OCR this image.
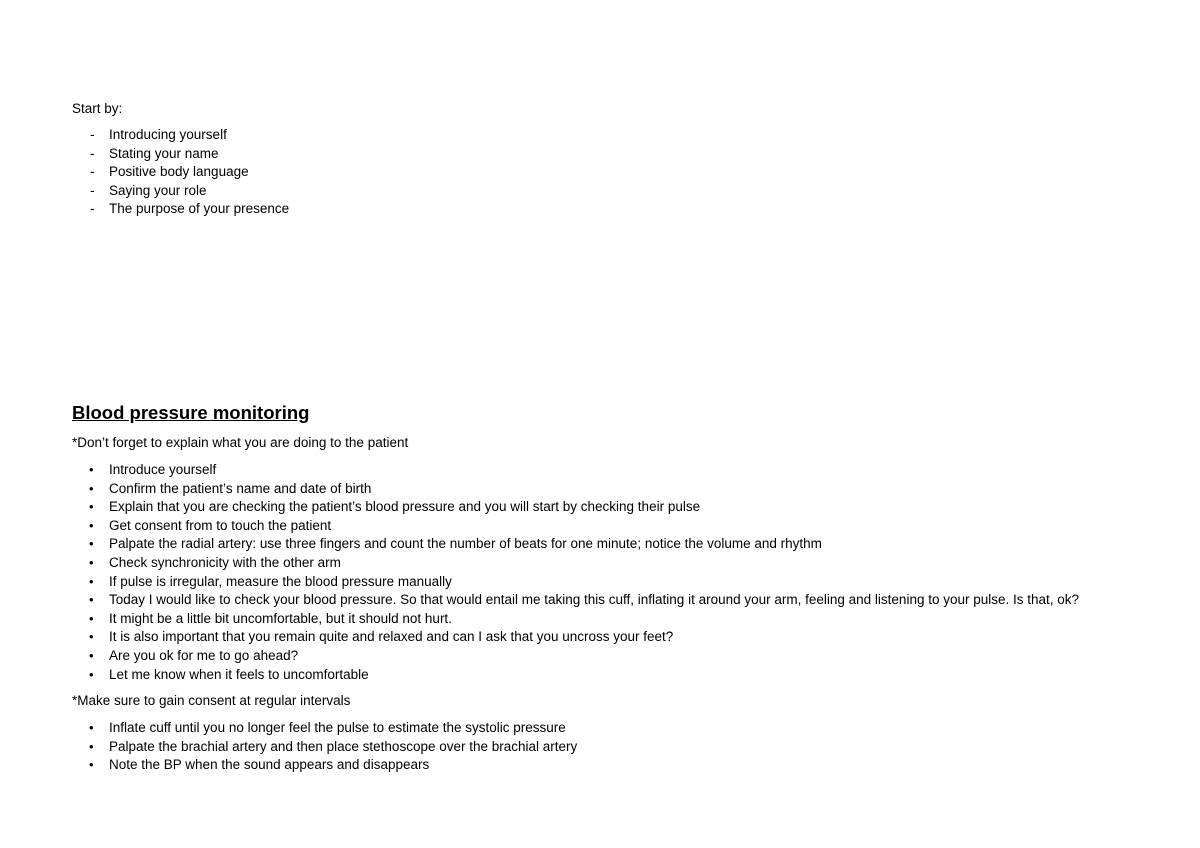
Start by:
- Introducing yourself
- Stating your name
- Positive body language
- Saying your role
- The purpose of your presence
Blood pressure monitoring
*Don’t forget to explain what you are doing to the patient
• Introduce yourself
• Confirm the patient’s name and date of birth
• Explain that you are checking the patient’s blood pressure and you will start by checking their pulse
• Get consent from to touch the patient
• Palpate the radial artery: use three fingers and count the number of beats for one minute; notice the volume and rhythm
• Check synchronicity with the other arm
• If pulse is irregular, measure the blood pressure manually
• Today I would like to check your blood pressure. So that would entail me taking this cuff, inflating it around your arm, feeling and listening to your pulse. Is that, ok?
• It might be a little bit uncomfortable, but it should not hurt.
• It is also important that you remain quite and relaxed and can I ask that you uncross your feet?
• Are you ok for me to go ahead?
• Let me know when it feels to uncomfortable
*Make sure to gain consent at regular intervals
• Inflate cuff until you no longer feel the pulse to estimate the systolic pressure
• Palpate the brachial artery and then place stethoscope over the brachial artery
• Note the BP when the sound appears and disappears
